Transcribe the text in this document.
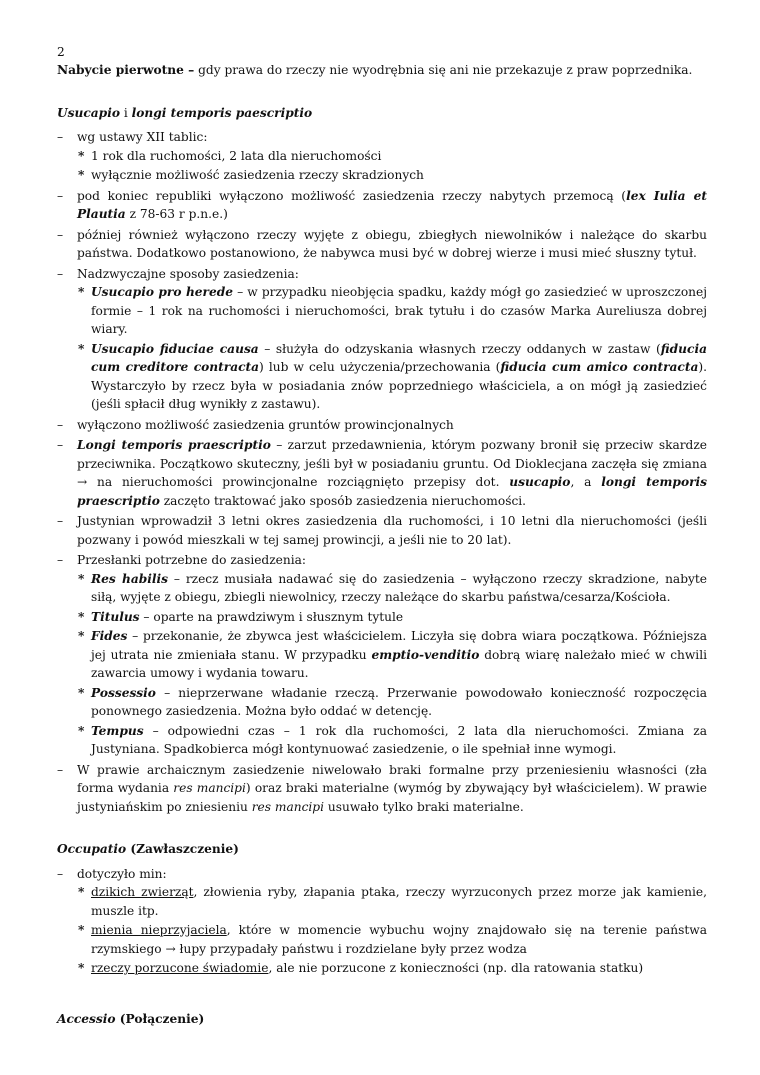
2

Nabycie pierwotne – gdy prawa do rzeczy nie wyodrębnia się ani nie przekazuje z praw poprzednika.

Usucapio i longi temporis paescriptio
– wg ustawy XII tablic:
* 1 rok dla ruchomości, 2 lata dla nieruchomości
* wyłącznie możliwość zasiedzenia rzeczy skradzionych
– pod koniec republiki wyłączono możliwość zasiedzenia rzeczy nabytych przemocą (lex Iulia et Plautia z 78-63 r p.n.e.)
– później również wyłączono rzeczy wyjęte z obiegu, zbiegłych niewolników i należące do skarbu państwa. Dodatkowo postanowiono, że nabywca musi być w dobrej wierze i musi mieć słuszny tytuł.
– Nadzwyczajne sposoby zasiedzenia:
* Usucapio pro herede – w przypadku nieobjęcia spadku, każdy mógł go zasiedzieć w uproszczonej formie – 1 rok na ruchomości i nieruchomości, brak tytułu i do czasów Marka Aureliusza dobrej wiary.
* Usucapio fiduciae causa – służyła do odzyskania własnych rzeczy oddanych w zastaw (fiducia cum creditore contracta) lub w celu użyczenia/przechowania (fiducia cum amico contracta). Wystarczyło by rzecz była w posiadania znów poprzedniego właściciela, a on mógł ją zasiedzieć (jeśli spłacił dług wynikły z zastawu).
– wyłączono możliwość zasiedzenia gruntów prowincjonalnych
– Longi temporis praescriptio – zarzut przedawnienia, którym pozwany bronił się przeciw skardze przeciwnika. Początkowo skuteczny, jeśli był w posiadaniu gruntu. Od Dioklecjana zaczęła się zmiana → na nieruchomości prowincjonalne rozciągnięto przepisy dot. usucapio, a longi temporis praescriptio zaczęto traktować jako sposób zasiedzenia nieruchomości.
– Justynian wprowadził 3 letni okres zasiedzenia dla ruchomości, i 10 letni dla nieruchomości (jeśli pozwany i powód mieszkali w tej samej prowincji, a jeśli nie to 20 lat).
– Przesłanki potrzebne do zasiedzenia:
* Res habilis – rzecz musiała nadawać się do zasiedzenia – wyłączono rzeczy skradzione, nabyte siłą, wyjęte z obiegu, zbiegli niewolnicy, rzeczy należące do skarbu państwa/cesarza/Kościoła.
* Titulus – oparte na prawdziwym i słusznym tytule
* Fides – przekonanie, że zbywca jest właścicielem. Liczyła się dobra wiara początkowa. Późniejsza jej utrata nie zmieniała stanu. W przypadku emptio-venditio dobrą wiarę należało mieć w chwili zawarcia umowy i wydania towaru.
* Possessio – nieprzerwane władanie rzeczą. Przerwanie powodowało konieczność rozpoczęcia ponownego zasiedzenia. Można było oddać w detencję.
* Tempus – odpowiedni czas – 1 rok dla ruchomości, 2 lata dla nieruchomości. Zmiana za Justyniana. Spadkobierca mógł kontynuować zasiedzenie, o ile spełniał inne wymogi.
– W prawie archaicznym zasiedzenie niwelowało braki formalne przy przeniesieniu własności (zła forma wydania res mancipi) oraz braki materialne (wymóg by zbywający był właścicielem). W prawie justyniańskim po zniesieniu res mancipi usuwało tylko braki materialne.
Occupatio (Zawłaszczenie)
– dotyczyło min:
* dzikich zwierząt, złowienia ryby, złapania ptaka, rzeczy wyrzuconych przez morze jak kamienie, muszle itp.
* mienia nieprzyjaciela, które w momencie wybuchu wojny znajdowało się na terenie państwa rzymskiego → łupy przypadały państwu i rozdzielane były przez wodza
* rzeczy porzucone świadomie, ale nie porzucone z konieczności (np. dla ratowania statku)
Accessio (Połączenie)
